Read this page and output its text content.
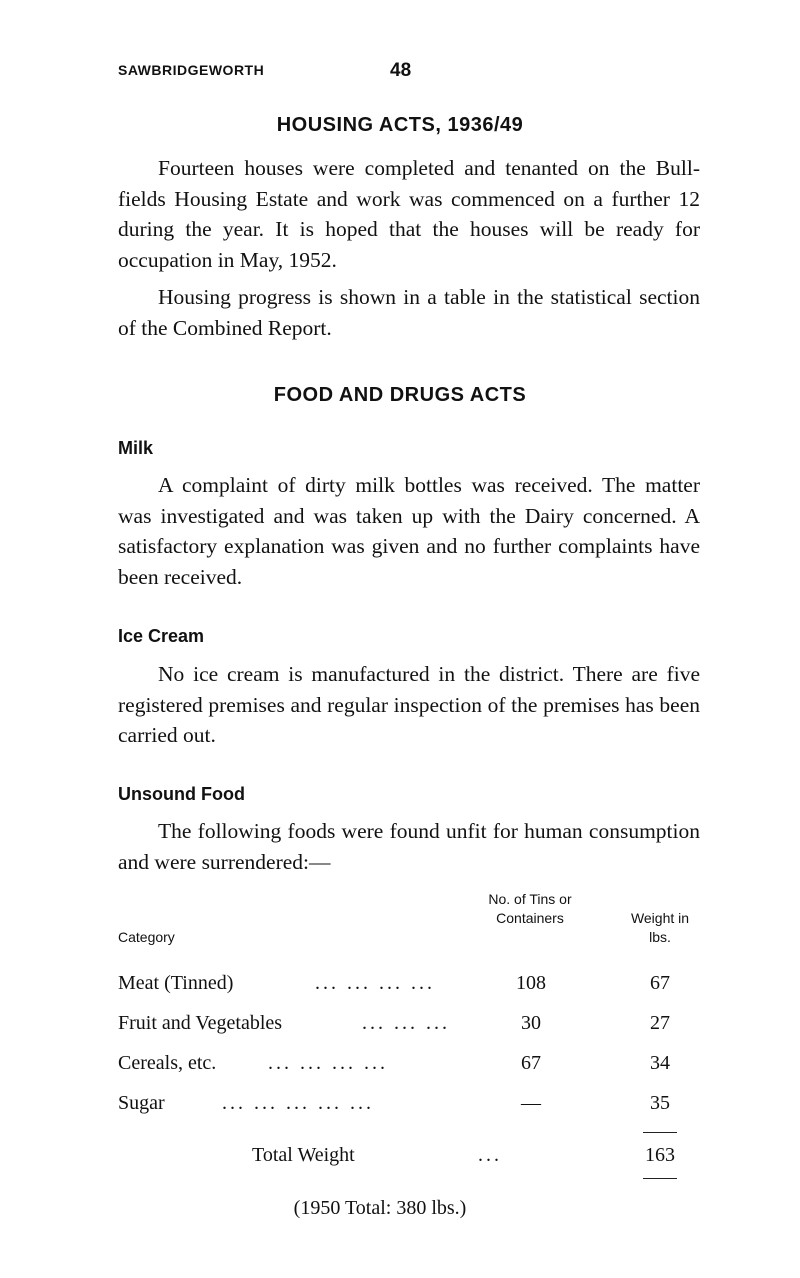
SAWBRIDGEWORTH	48
HOUSING ACTS, 1936/49

Fourteen houses were completed and tenanted on the Bullfields Housing Estate and work was commenced on a further 12 during the year. It is hoped that the houses will be ready for occupation in May, 1952.

Housing progress is shown in a table in the statistical section of the Combined Report.

FOOD AND DRUGS ACTS
Milk

A complaint of dirty milk bottles was received. The matter was investigated and was taken up with the Dairy concerned. A satisfactory explanation was given and no further complaints have been received.

Ice Cream

No ice cream is manufactured in the district. There are five registered premises and regular inspection of the premises has been carried out.

Unsound Food

The following foods were found unfit for human consumption and were surrendered:—

Category
No. of Tins or Containers	Weight in lbs.
Meat (Tinned)	... ... ... ...	108	67
Fruit and Vegetables	... ... ...	30	27
Cereals, etc.	... ... ... ...	67	34
Sugar	... ... ... ... ...	—	35
Total Weight	...	163
(1950 Total: 380 lbs.)
